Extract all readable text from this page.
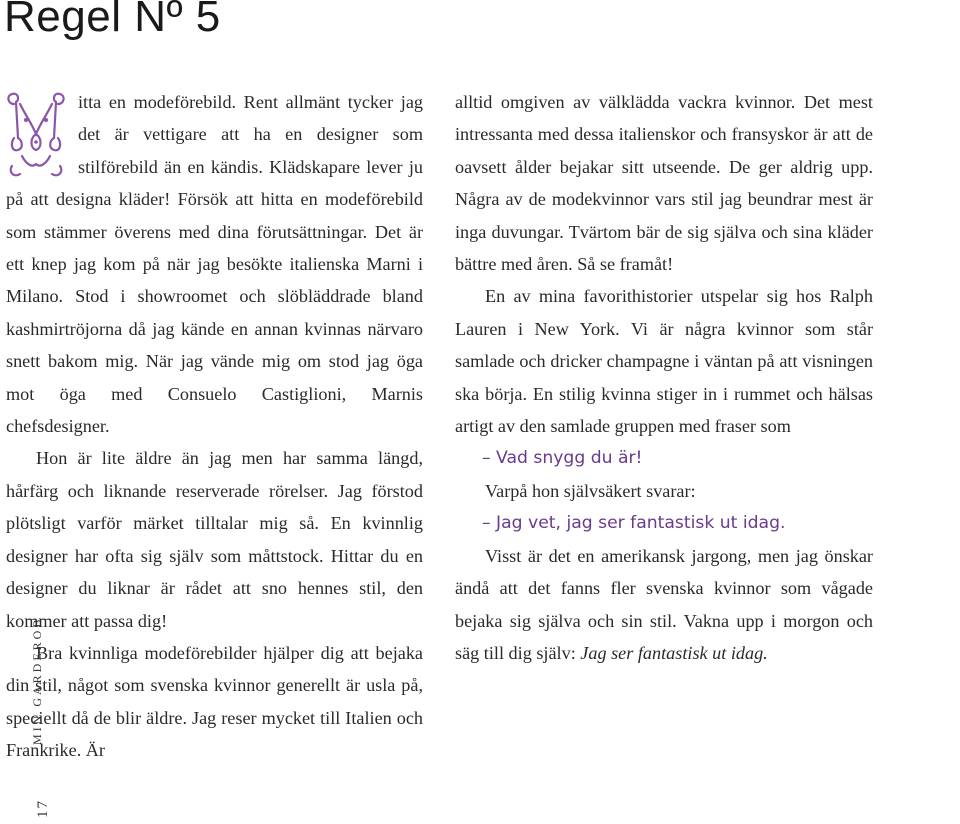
Regel Nº 5

itta en modeförebild. Rent allmänt tycker jag det är vettigare att ha en designer som stilförebild än en kändis. Klädskapare lever ju på att designa kläder! Försök att hitta en modeförebild som stämmer överens med dina förutsättningar. Det är ett knep jag kom på när jag besökte italienska Marni i Milano. Stod i showroomet och slöbläddrade bland kashmirtröjorna då jag kände en annan kvinnas närvaro snett bakom mig. När jag vände mig om stod jag öga mot öga med Consuelo Castiglioni, Marnis chefsdesigner.

Hon är lite äldre än jag men har samma längd, hårfärg och liknande reserverade rörelser. Jag förstod plötsligt varför märket tilltalar mig så. En kvinnlig designer har ofta sig själv som måttstock. Hittar du en designer du liknar är rådet att sno hennes stil, den kommer att passa dig!

Bra kvinnliga modeförebilder hjälper dig att bejaka din stil, något som svenska kvinnor generellt är usla på, speciellt då de blir äldre. Jag reser mycket till Italien och Frankrike. Är

alltid omgiven av välklädda vackra kvinnor. Det mest intressanta med dessa italienskor och fransyskor är att de oavsett ålder bejakar sitt utseende. De ger aldrig upp. Några av de modekvinnor vars stil jag beundrar mest är inga duvungar. Tvärtom bär de sig själva och sina kläder bättre med åren. Så se framåt!

En av mina favorithistorier utspelar sig hos Ralph Lauren i New York. Vi är några kvinnor som står samlade och dricker champagne i väntan på att visningen ska börja. En stilig kvinna stiger in i rummet och hälsas artigt av den samlade gruppen med fraser som

– Vad snygg du är!

Varpå hon självsäkert svarar:

– Jag vet, jag ser fantastisk ut idag.

Visst är det en amerikansk jargong, men jag önskar ändå att det fanns fler svenska kvinnor som vågade bejaka sig själva och sin stil. Vakna upp i morgon och säg till dig själv: Jag ser fantastisk ut idag.

MIN GARDEROB
17
